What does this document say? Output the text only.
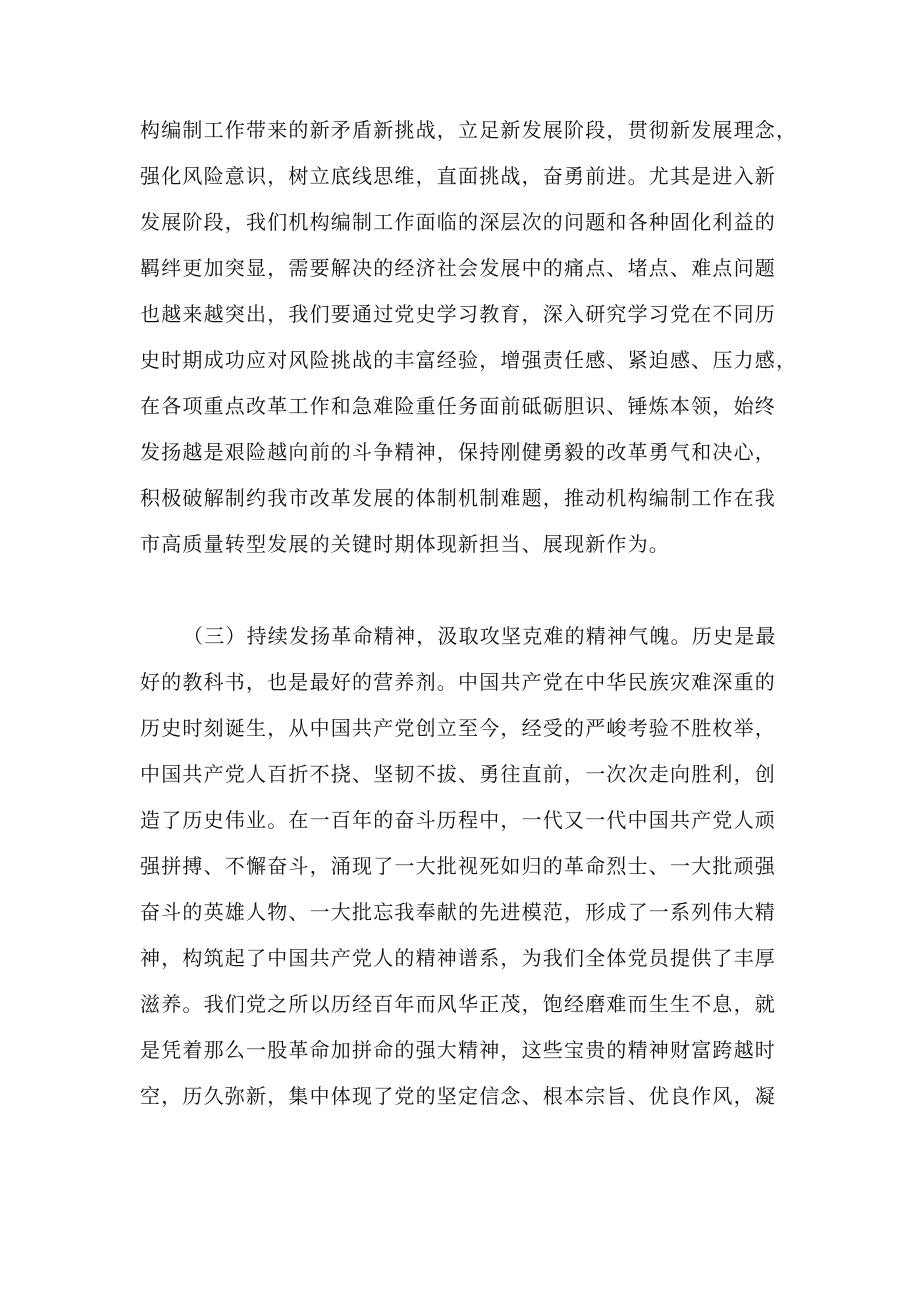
构编制工作带来的新矛盾新挑战，立足新发展阶段，贯彻新发展理念，
强化风险意识，树立底线思维，直面挑战，奋勇前进。尤其是进入新
发展阶段，我们机构编制工作面临的深层次的问题和各种固化利益的
羁绊更加突显，需要解决的经济社会发展中的痛点、堵点、难点问题
也越来越突出，我们要通过党史学习教育，深入研究学习党在不同历
史时期成功应对风险挑战的丰富经验，增强责任感、紧迫感、压力感，
在各项重点改革工作和急难险重任务面前砥砺胆识、锤炼本领，始终
发扬越是艰险越向前的斗争精神，保持刚健勇毅的改革勇气和决心，
积极破解制约我市改革发展的体制机制难题，推动机构编制工作在我
市高质量转型发展的关键时期体现新担当、展现新作为。
（三）持续发扬革命精神，汲取攻坚克难的精神气魄。历史是最
好的教科书，也是最好的营养剂。中国共产党在中华民族灾难深重的
历史时刻诞生，从中国共产党创立至今，经受的严峻考验不胜枚举，
中国共产党人百折不挠、坚韧不拔、勇往直前，一次次走向胜利，创
造了历史伟业。在一百年的奋斗历程中，一代又一代中国共产党人顽
强拼搏、不懈奋斗，涌现了一大批视死如归的革命烈士、一大批顽强
奋斗的英雄人物、一大批忘我奉献的先进模范，形成了一系列伟大精
神，构筑起了中国共产党人的精神谱系，为我们全体党员提供了丰厚
滋养。我们党之所以历经百年而风华正茂，饱经磨难而生生不息，就
是凭着那么一股革命加拼命的强大精神，这些宝贵的精神财富跨越时
空，历久弥新，集中体现了党的坚定信念、根本宗旨、优良作风，凝
